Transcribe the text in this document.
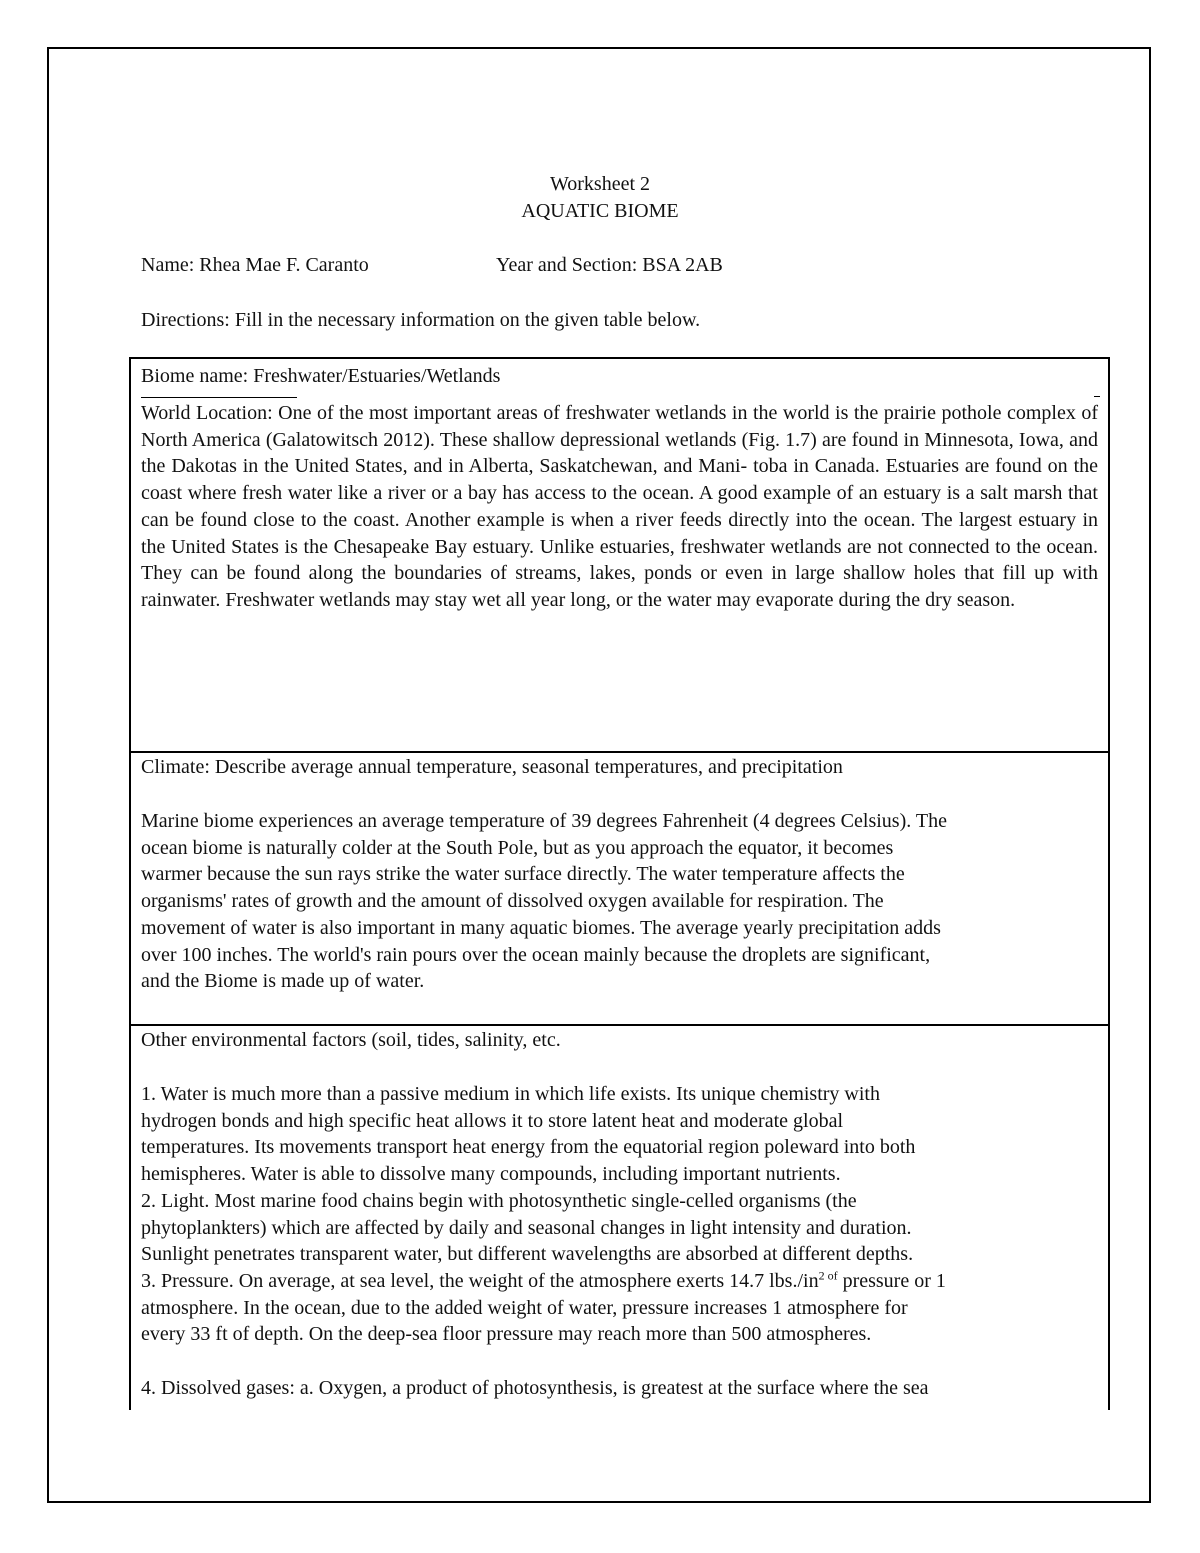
Worksheet 2
AQUATIC BIOME
Name: Rhea Mae F. Caranto	Year and Section: BSA 2AB
Directions: Fill in the necessary information on the given table below.
Biome name: Freshwater/Estuaries/Wetlands
World Location: One of the most important areas of freshwater wetlands in the world is the prairie pothole complex of North America (Galatowitsch 2012). These shallow depressional wetlands (Fig. 1.7) are found in Minnesota, Iowa, and the Dakotas in the United States, and in Alberta, Saskatchewan, and Mani- toba in Canada. Estuaries are found on the coast where fresh water like a river or a bay has access to the ocean. A good example of an estuary is a salt marsh that can be found close to the coast. Another example is when a river feeds directly into the ocean. The largest estuary in the United States is the Chesapeake Bay estuary. Unlike estuaries, freshwater wetlands are not connected to the ocean. They can be found along the boundaries of streams, lakes, ponds or even in large shallow holes that fill up with rainwater. Freshwater wetlands may stay wet all year long, or the water may evaporate during the dry season.
Climate: Describe average annual temperature, seasonal temperatures, and precipitation
Marine biome experiences an average temperature of 39 degrees Fahrenheit (4 degrees Celsius). The
ocean biome is naturally colder at the South Pole, but as you approach the equator, it becomes
warmer because the sun rays strike the water surface directly. The water temperature affects the
organisms' rates of growth and the amount of dissolved oxygen available for respiration. The
movement of water is also important in many aquatic biomes. The average yearly precipitation adds
over 100 inches. The world's rain pours over the ocean mainly because the droplets are significant,
and the Biome is made up of water.
Other environmental factors (soil, tides, salinity, etc.
1. Water is much more than a passive medium in which life exists. Its unique chemistry with
hydrogen bonds and high specific heat allows it to store latent heat and moderate global
temperatures. Its movements transport heat energy from the equatorial region poleward into both
hemispheres. Water is able to dissolve many compounds, including important nutrients.
2. Light. Most marine food chains begin with photosynthetic single-celled organisms (the
phytoplankters) which are affected by daily and seasonal changes in light intensity and duration.
Sunlight penetrates transparent water, but different wavelengths are absorbed at different depths.
3. Pressure. On average, at sea level, the weight of the atmosphere exerts 14.7 $lbs./in^{2 of}$ pressure or 1
atmosphere. In the ocean, due to the added weight of water, pressure increases 1 atmosphere for
every 33 ft of depth. On the deep-sea floor pressure may reach more than 500 atmospheres.
4. Dissolved gases: a. Oxygen, a product of photosynthesis, is greatest at the surface where the sea
